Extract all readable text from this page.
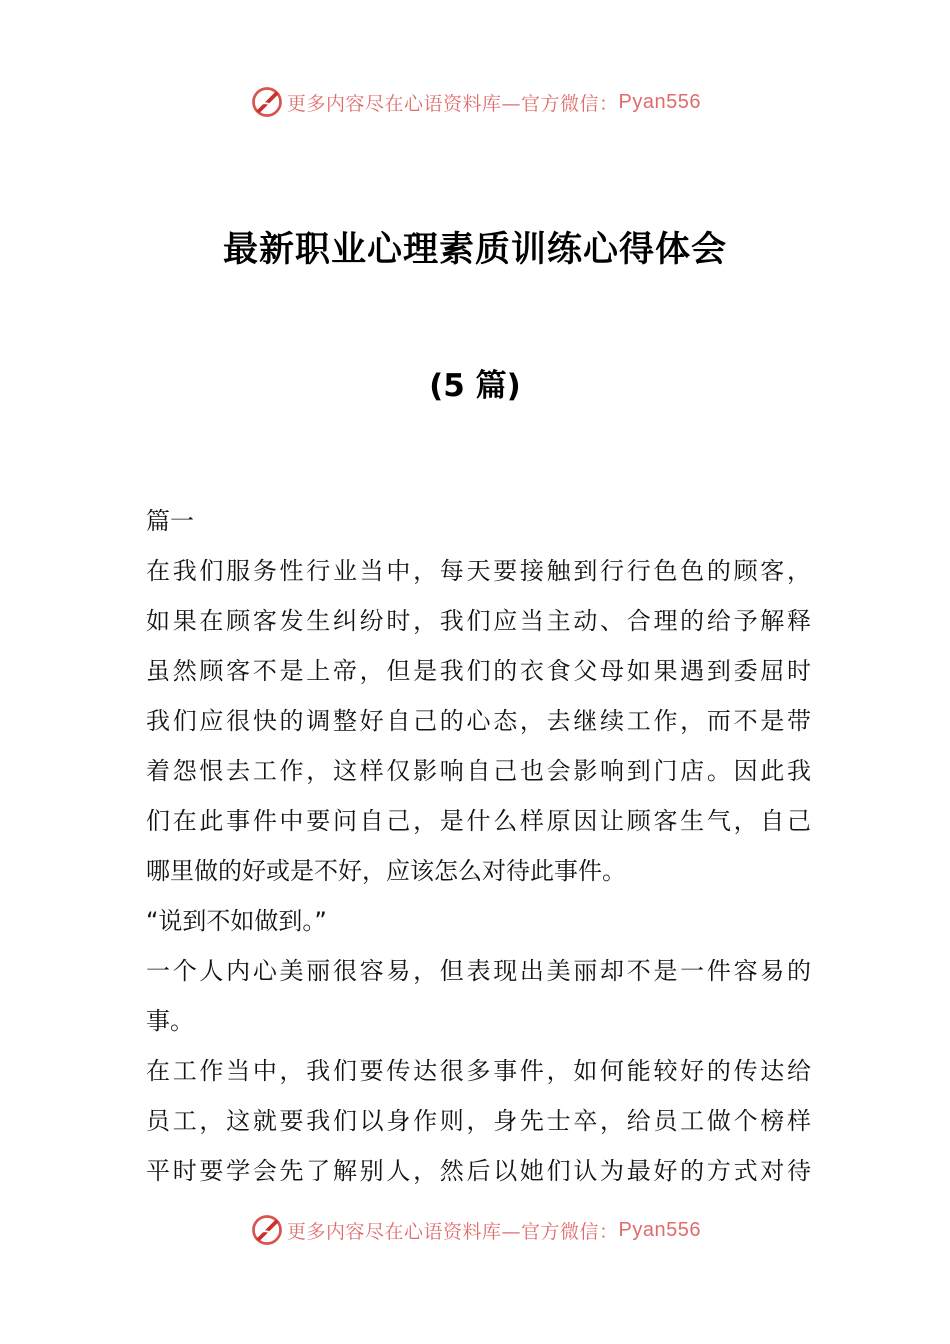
更多内容尽在心语资料库—官方微信： Pyan556
最新职业心理素质训练心得体会
(5 篇)
篇一
在我们服务性行业当中，每天要接触到行行色色的顾客，
如果在顾客发生纠纷时，我们应当主动、合理的给予解释
虽然顾客不是上帝，但是我们的衣食父母如果遇到委屈时
我们应很快的调整好自己的心态，去继续工作，而不是带
着怨恨去工作，这样仅影响自己也会影响到门店。因此我
们在此事件中要问自己，是什么样原因让顾客生气，自己
哪里做的好或是不好，应该怎么对待此事件。
“说到不如做到。”
一个人内心美丽很容易，但表现出美丽却不是一件容易的
事。
在工作当中，我们要传达很多事件，如何能较好的传达给
员工，这就要我们以身作则，身先士卒，给员工做个榜样
平时要学会先了解别人，然后以她们认为最好的方式对待
更多内容尽在心语资料库—官方微信： Pyan556
